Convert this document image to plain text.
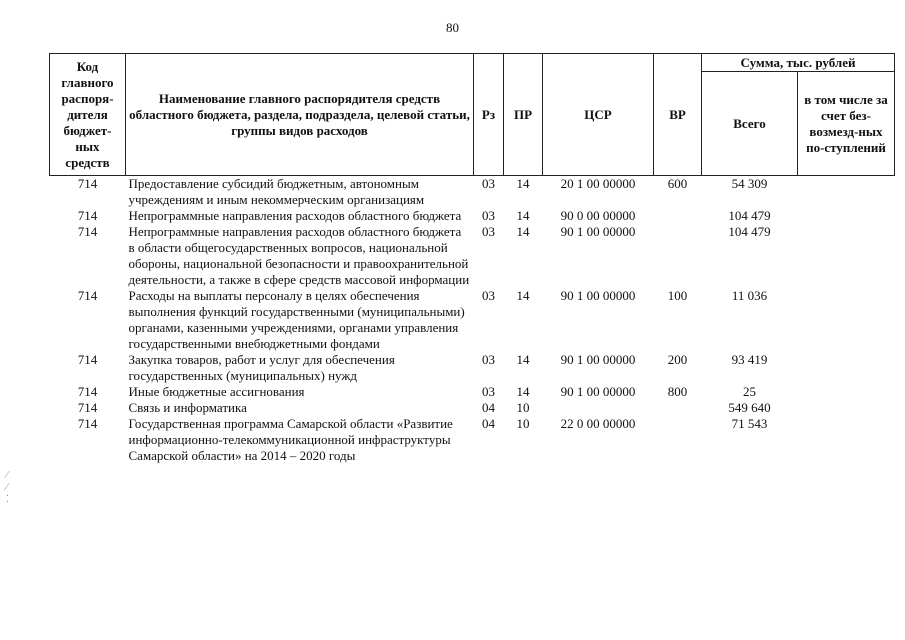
80
Код главного распоря-дителя бюджет-ных средств	Наименование главного распорядителя средств областного бюджета, раздела, подраздела, целевой статьи, группы видов расходов	Рз	ПР	ЦСР	ВР	Сумма, тыс. рублей	
						Всего	в том числе за счет без-возмезд-ных по-ступлений
714	Предоставление субсидий бюджетным, автономным учреждениям и иным некоммерческим организациям	03	14	20 1 00 00000	600	54 309	
714	Непрограммные направления расходов областного бюджета	03	14	90 0 00 00000		104 479	
714	Непрограммные направления расходов областного бюджета в области общегосударственных вопросов, национальной обороны, национальной безопасности и правоохранительной деятельности, а также в сфере средств массовой информации	03	14	90 1 00 00000		104 479	
714	Расходы на выплаты персоналу в целях обеспечения выполнения функций государственными (муниципальными) органами, казенными учреждениями, органами управления государственными внебюджетными фондами	03	14	90 1 00 00000	100	11 036	
714	Закупка товаров, работ и услуг для обеспечения государственных (муниципальных) нужд	03	14	90 1 00 00000	200	93 419	
714	Иные бюджетные ассигнования	03	14	90 1 00 00000	800	25	
714	Связь и информатика	04	10			549 640	
714	Государственная программа Самарской области «Развитие информационно-телекоммуникационной инфраструктуры Самарской области» на 2014 – 2020 годы	04	10	22 0 00 00000		71 543	
⁄
⁄
⁚
